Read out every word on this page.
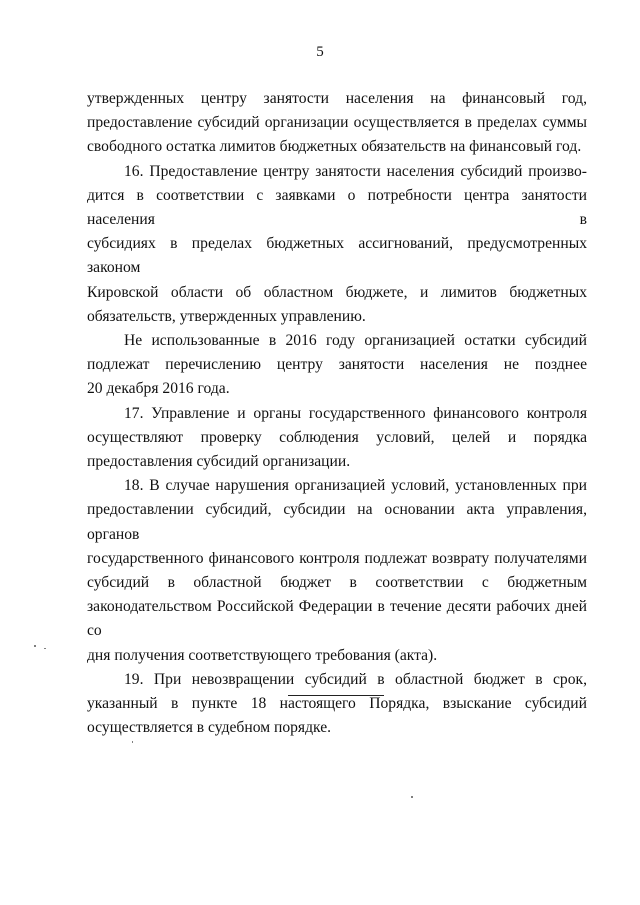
5

утвержденных центру занятости населения на финансовый год,
предоставление субсидий организации осуществляется в пределах суммы
свободного остатка лимитов бюджетных обязательств на финансовый год.

16. Предоставление центру занятости населения субсидий произво-
дится в соответствии с заявками о потребности центра занятости населения в
субсидиях в пределах бюджетных ассигнований, предусмотренных законом
Кировской области об областном бюджете, и лимитов бюджетных
обязательств, утвержденных управлению.

Не использованные в 2016 году организацией остатки субсидий
подлежат перечислению центру занятости населения не позднее
20 декабря 2016 года.

17. Управление и органы государственного финансового контроля
осуществляют проверку соблюдения условий, целей и порядка
предоставления субсидий организации.

18. В случае нарушения организацией условий, установленных при
предоставлении субсидий, субсидии на основании акта управления, органов
государственного финансового контроля подлежат возврату получателями
субсидий в областной бюджет в соответствии с бюджетным
законодательством Российской Федерации в течение десяти рабочих дней со
дня получения соответствующего требования (акта).

19. При невозвращении субсидий в областной бюджет в срок,
указанный в пункте 18 настоящего Порядка, взыскание субсидий
осуществляется в судебном порядке.
